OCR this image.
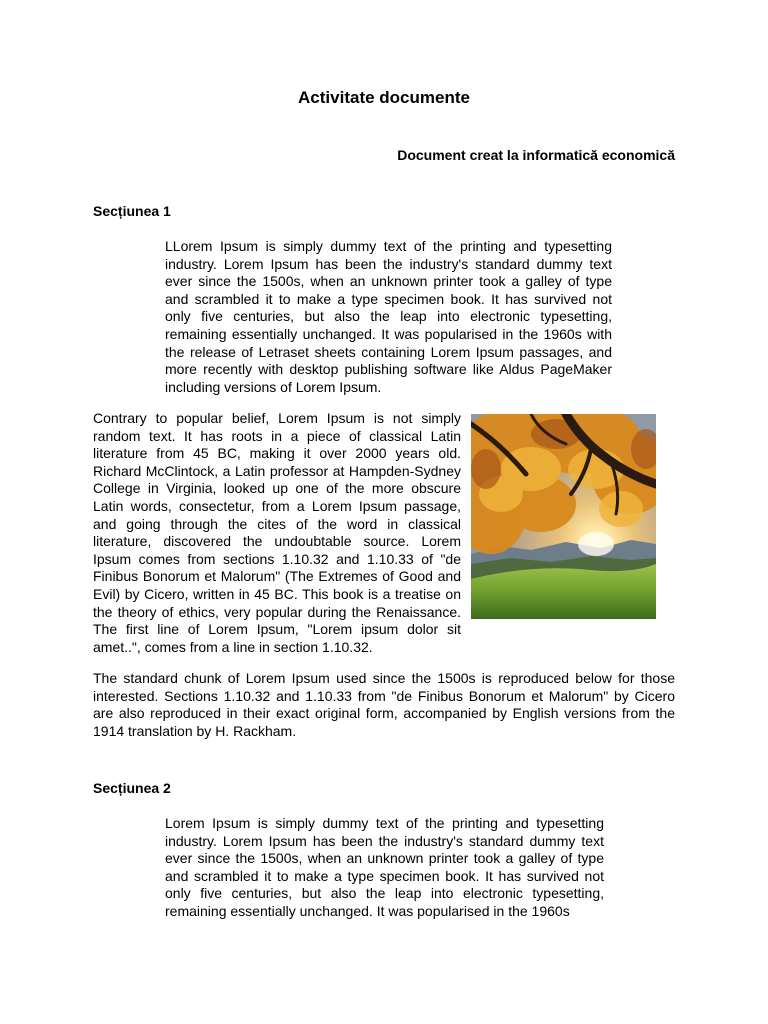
Activitate documente
Document creat la informatică economică
Secțiunea 1

LLorem Ipsum is simply dummy text of the printing and typesetting industry. Lorem Ipsum has been the industry's standard dummy text ever since the 1500s, when an unknown printer took a galley of type and scrambled it to make a type specimen book. It has survived not only five centuries, but also the leap into electronic typesetting, remaining essentially unchanged. It was popularised in the 1960s with the release of Letraset sheets containing Lorem Ipsum passages, and more recently with desktop publishing software like Aldus PageMaker including versions of Lorem Ipsum.

Contrary to popular belief, Lorem Ipsum is not simply random text. It has roots in a piece of classical Latin literature from 45 BC, making it over 2000 years old. Richard McClintock, a Latin professor at Hampden-Sydney College in Virginia, looked up one of the more obscure Latin words, consectetur, from a Lorem Ipsum passage, and going through the cites of the word in classical literature, discovered the undoubtable source. Lorem Ipsum comes from sections 1.10.32 and 1.10.33 of "de Finibus Bonorum et Malorum" (The Extremes of Good and Evil) by Cicero, written in 45 BC. This book is a treatise on the theory of ethics, very popular during the Renaissance. The first line of Lorem Ipsum, "Lorem ipsum dolor sit amet..", comes from a line in section 1.10.32.

The standard chunk of Lorem Ipsum used since the 1500s is reproduced below for those interested. Sections 1.10.32 and 1.10.33 from "de Finibus Bonorum et Malorum" by Cicero are also reproduced in their exact original form, accompanied by English versions from the 1914 translation by H. Rackham.

Secțiunea 2

Lorem Ipsum is simply dummy text of the printing and typesetting industry. Lorem Ipsum has been the industry's standard dummy text ever since the 1500s, when an unknown printer took a galley of type and scrambled it to make a type specimen book. It has survived not only five centuries, but also the leap into electronic typesetting, remaining essentially unchanged. It was popularised in the 1960s
